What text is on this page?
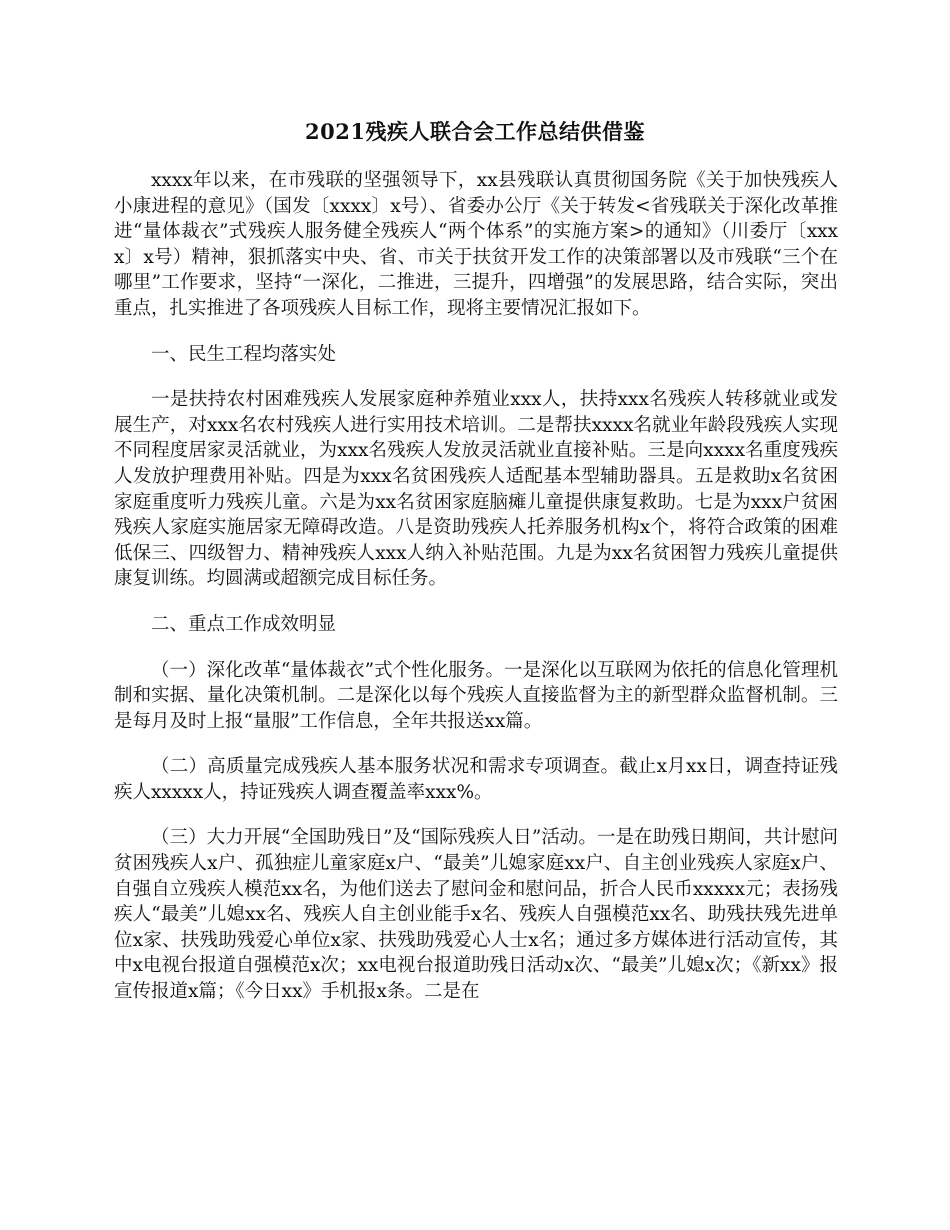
2021残疾人联合会工作总结供借鉴

xxxx年以来，在市残联的坚强领导下，xx县残联认真贯彻国务院《关于加快残疾人小康进程的意见》（国发〔xxxx〕x号）、省委办公厅《关于转发<省残联关于深化改革推进“量体裁衣”式残疾人服务健全残疾人“两个体系”的实施方案>的通知》（川委厅〔xxxx〕x号）精神，狠抓落实中央、省、市关于扶贫开发工作的决策部署以及市残联“三个在哪里”工作要求，坚持“一深化，二推进，三提升，四增强”的发展思路，结合实际，突出重点，扎实推进了各项残疾人目标工作，现将主要情况汇报如下。

一、民生工程均落实处

一是扶持农村困难残疾人发展家庭种养殖业xxx人，扶持xxx名残疾人转移就业或发展生产，对xxx名农村残疾人进行实用技术培训。二是帮扶xxxx名就业年龄段残疾人实现不同程度居家灵活就业，为xxx名残疾人发放灵活就业直接补贴。三是向xxxx名重度残疾人发放护理费用补贴。四是为xxx名贫困残疾人适配基本型辅助器具。五是救助x名贫困家庭重度听力残疾儿童。六是为xx名贫困家庭脑瘫儿童提供康复救助。七是为xxx户贫困残疾人家庭实施居家无障碍改造。八是资助残疾人托养服务机构x个，将符合政策的困难低保三、四级智力、精神残疾人xxx人纳入补贴范围。九是为xx名贫困智力残疾儿童提供康复训练。均圆满或超额完成目标任务。

二、重点工作成效明显

（一）深化改革“量体裁衣”式个性化服务。一是深化以互联网为依托的信息化管理机制和实据、量化决策机制。二是深化以每个残疾人直接监督为主的新型群众监督机制。三是每月及时上报“量服”工作信息，全年共报送xx篇。

（二）高质量完成残疾人基本服务状况和需求专项调查。截止x月xx日，调查持证残疾人xxxxx人，持证残疾人调查覆盖率xxx%。

（三）大力开展“全国助残日”及“国际残疾人日”活动。一是在助残日期间，共计慰问贫困残疾人x户、孤独症儿童家庭x户、“最美”儿媳家庭xx户、自主创业残疾人家庭x户、自强自立残疾人模范xx名，为他们送去了慰问金和慰问品，折合人民币xxxxx元；表扬残疾人“最美”儿媳xx名、残疾人自主创业能手x名、残疾人自强模范xx名、助残扶残先进单位x家、扶残助残爱心单位x家、扶残助残爱心人士x名；通过多方媒体进行活动宣传，其中x电视台报道自强模范x次；xx电视台报道助残日活动x次、“最美”儿媳x次；《新xx》报宣传报道x篇；《今日xx》手机报x条。二是在
